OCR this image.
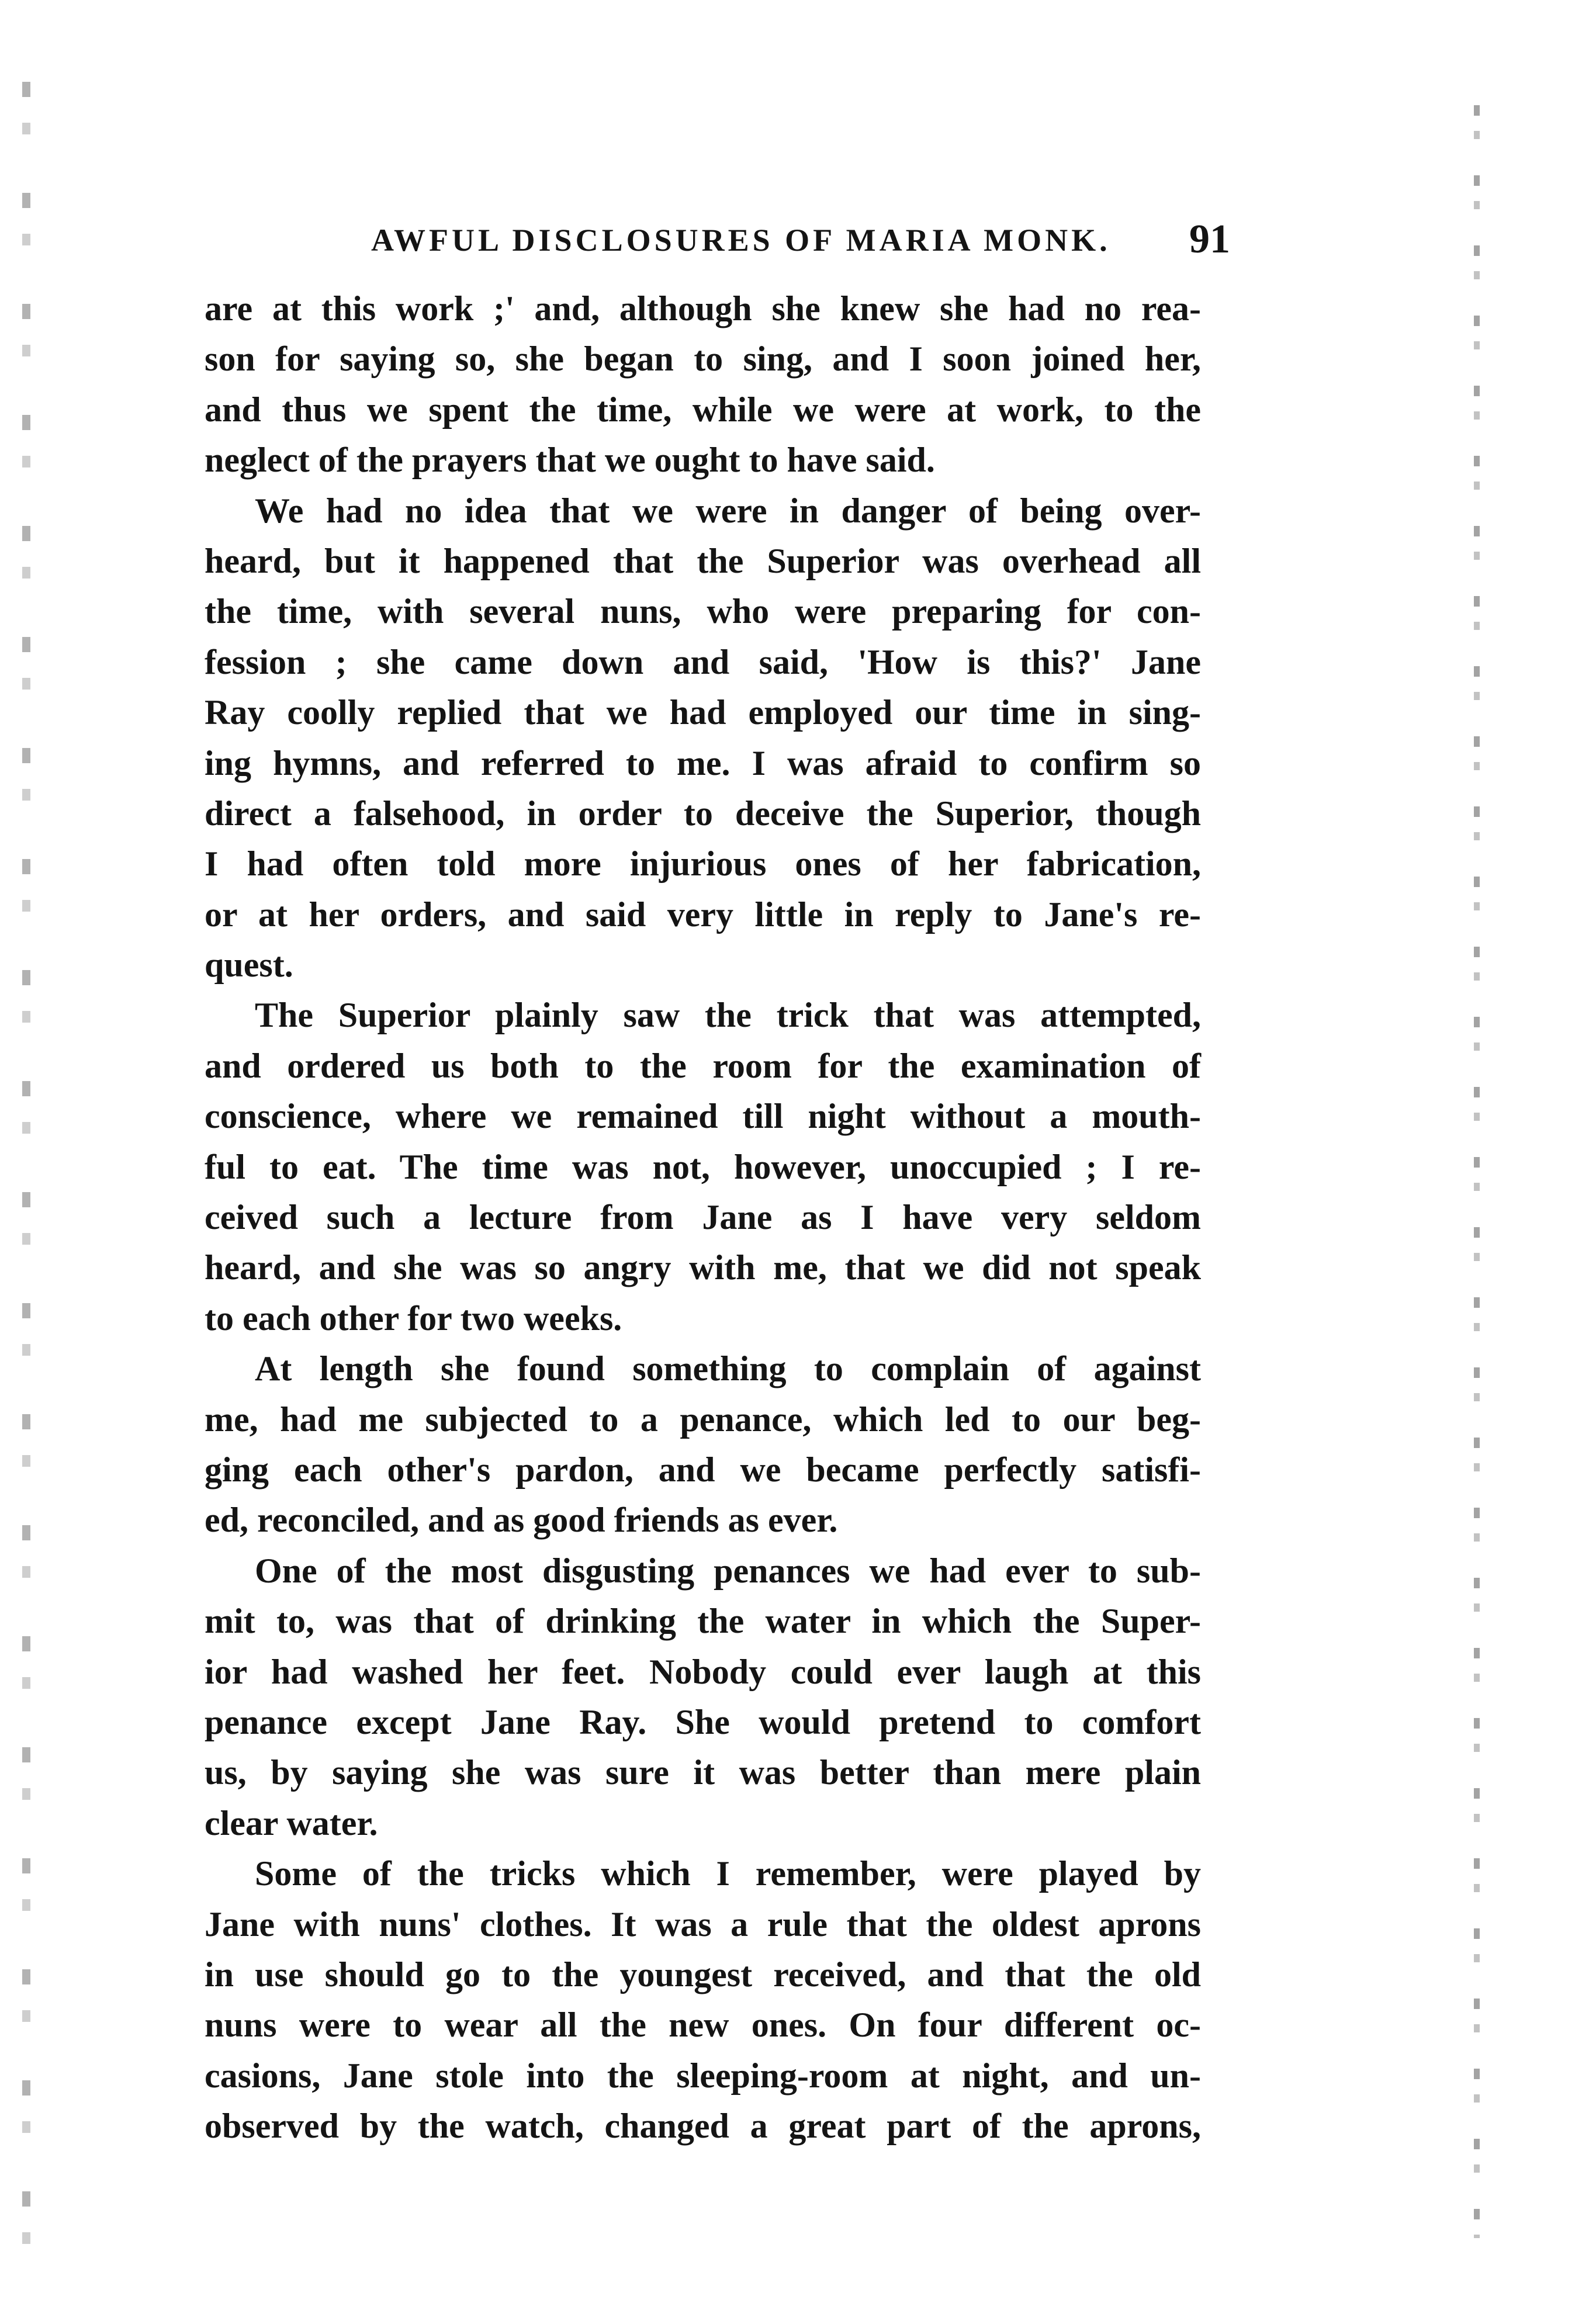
AWFUL DISCLOSURES OF MARIA MONK. 91
are at this work ;' and, although she knew she had no rea-
son for saying so, she began to sing, and I soon joined her,
and thus we spent the time, while we were at work, to the
neglect of the prayers that we ought to have said.
We had no idea that we were in danger of being over-
heard, but it happened that the Superior was overhead all
the time, with several nuns, who were preparing for con-
fession ; she came down and said, 'How is this?' Jane
Ray coolly replied that we had employed our time in sing-
ing hymns, and referred to me. I was afraid to confirm so
direct a falsehood, in order to deceive the Superior, though
I had often told more injurious ones of her fabrication,
or at her orders, and said very little in reply to Jane's re-
quest.
The Superior plainly saw the trick that was attempted,
and ordered us both to the room for the examination of
conscience, where we remained till night without a mouth-
ful to eat. The time was not, however, unoccupied ; I re-
ceived such a lecture from Jane as I have very seldom
heard, and she was so angry with me, that we did not speak
to each other for two weeks.
At length she found something to complain of against
me, had me subjected to a penance, which led to our beg-
ging each other's pardon, and we became perfectly satisfi-
ed, reconciled, and as good friends as ever.
One of the most disgusting penances we had ever to sub-
mit to, was that of drinking the water in which the Super-
ior had washed her feet. Nobody could ever laugh at this
penance except Jane Ray. She would pretend to comfort
us, by saying she was sure it was better than mere plain
clear water.
Some of the tricks which I remember, were played by
Jane with nuns' clothes. It was a rule that the oldest aprons
in use should go to the youngest received, and that the old
nuns were to wear all the new ones. On four different oc-
casions, Jane stole into the sleeping-room at night, and un-
observed by the watch, changed a great part of the aprons,
